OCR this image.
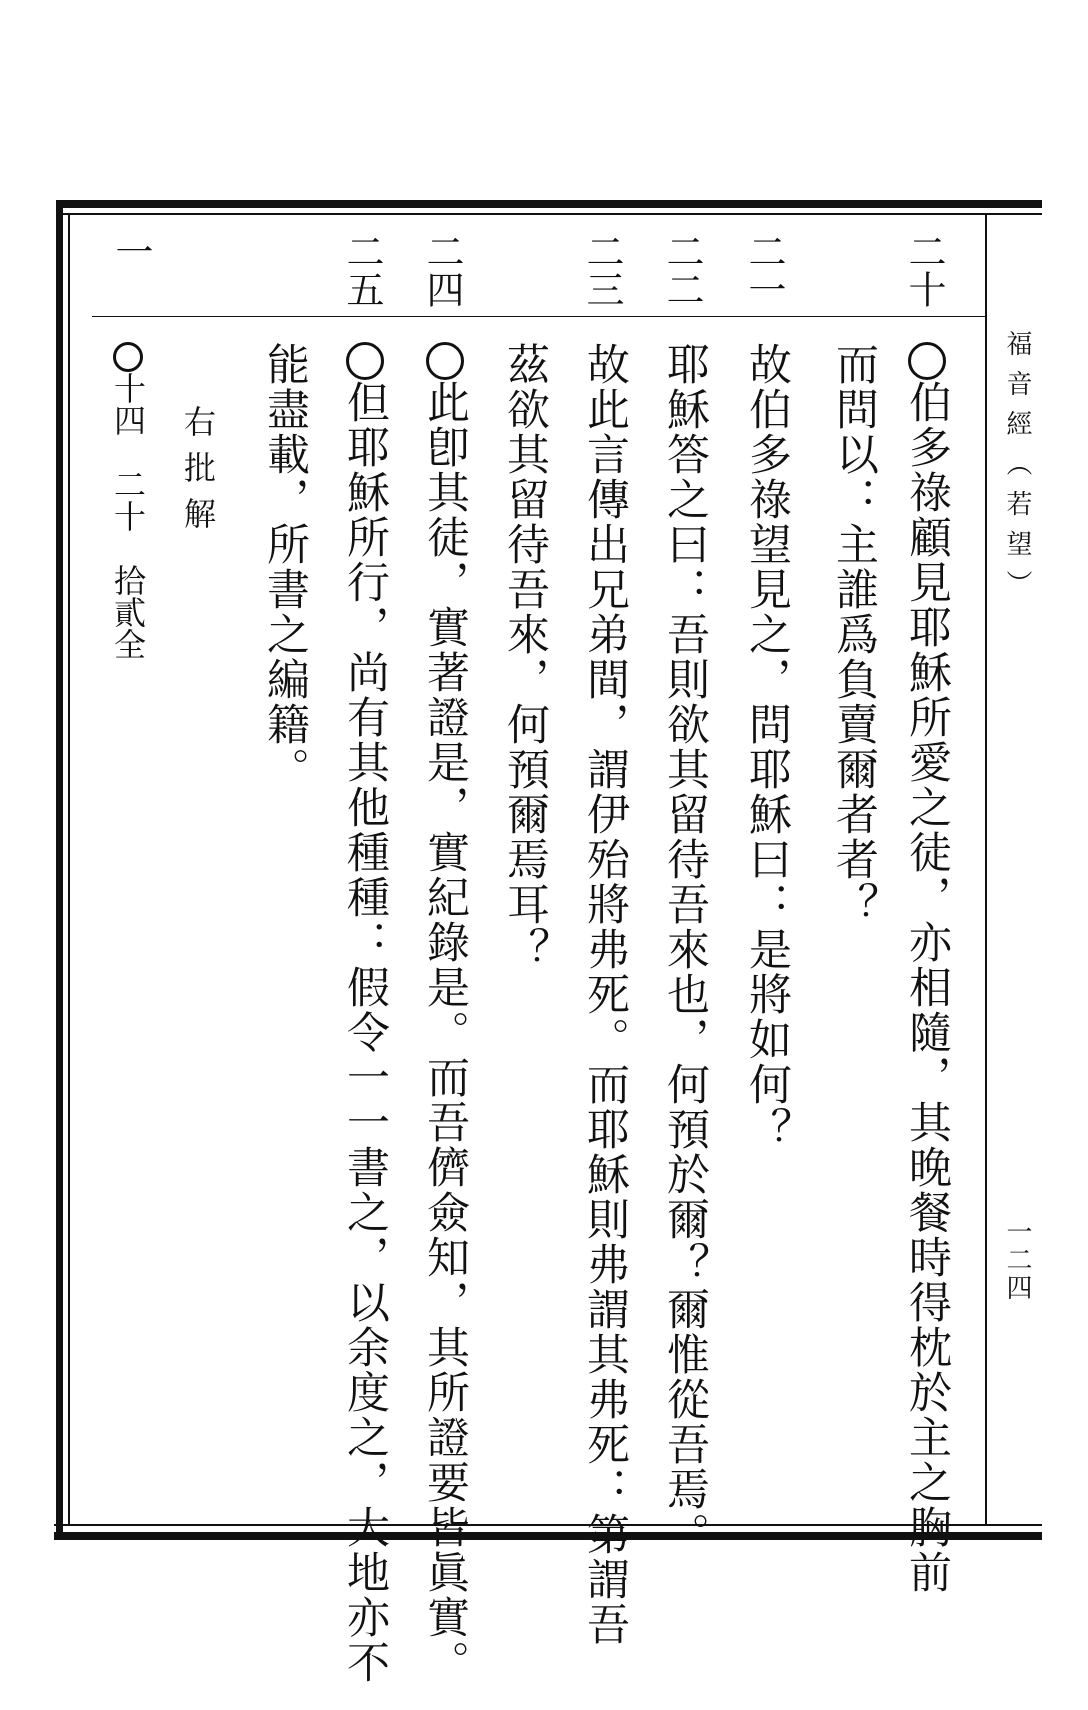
福音經（若望）
一二四
二十
伯多祿顧見耶穌所愛之徒，亦相隨，其晚餐時得枕於主之胸前
而問以：主誰爲負賣爾者者？
二一
故伯多祿望見之，問耶穌曰：是將如何？
二二
耶穌答之曰：吾則欲其留待吾來也，何預於爾？爾惟從吾焉。
二三
故此言傳出兄弟間，謂伊殆將弗死。而耶穌則弗謂其弗死：第謂吾
茲欲其留待吾來，何預爾焉耳？
二四
此卽其徒，實著證是，實紀錄是。而吾儕僉知，其所證要皆眞實。
二五
但耶穌所行，尚有其他種種：假令一一書之，以余度之，大地亦不
能盡載，所書之編籍。
右批解
一
十四　二十　拾貳全
